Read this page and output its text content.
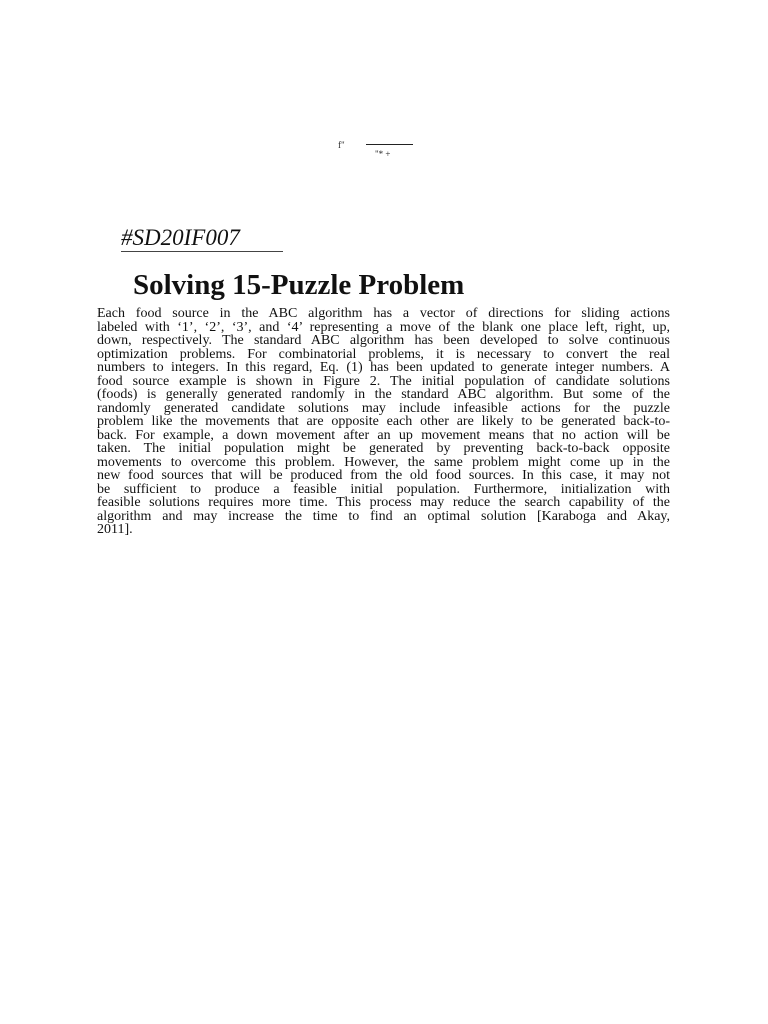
f"
"* +
#SD20IF007
Solving 15-Puzzle Problem
Each food source in the ABC algorithm has a vector of directions for sliding actions
labeled with ‘1’, ‘2’, ‘3’, and ‘4’ representing a move of the blank one place left, right, up,
down, respectively. The standard ABC algorithm has been developed to solve continuous
optimization problems. For combinatorial problems, it is necessary to convert the real
numbers to integers. In this regard, Eq. (1) has been updated to generate integer numbers. A
food source example is shown in Figure 2. The initial population of candidate solutions
(foods) is generally generated randomly in the standard ABC algorithm. But some of the
randomly generated candidate solutions may include infeasible actions for the puzzle
problem like the movements that are opposite each other are likely to be generated back-to-
back. For example, a down movement after an up movement means that no action will be
taken. The initial population might be generated by preventing back-to-back opposite
movements to overcome this problem. However, the same problem might come up in the
new food sources that will be produced from the old food sources. In this case, it may not
be sufficient to produce a feasible initial population. Furthermore, initialization with
feasible solutions requires more time. This process may reduce the search capability of the
algorithm and may increase the time to find an optimal solution [Karaboga and Akay,
2011].
